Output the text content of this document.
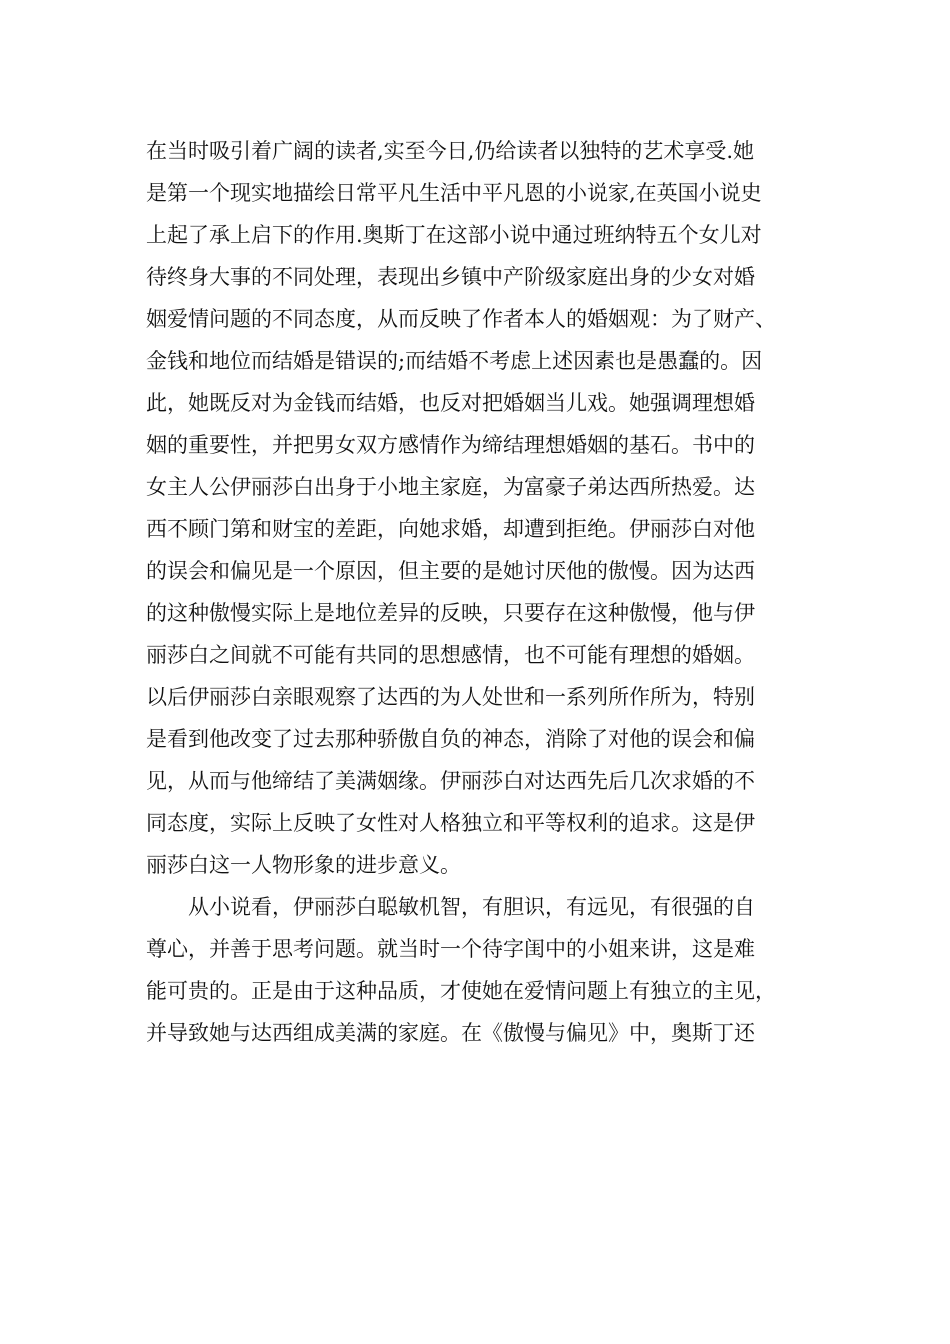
在当时吸引着广阔的读者,实至今日,仍给读者以独特的艺术享受.她
是第一个现实地描绘日常平凡生活中平凡恩的小说家,在英国小说史
上起了承上启下的作用.奥斯丁在这部小说中通过班纳特五个女儿对
待终身大事的不同处理，表现出乡镇中产阶级家庭出身的少女对婚
姻爱情问题的不同态度，从而反映了作者本人的婚姻观：为了财产、
金钱和地位而结婚是错误的;而结婚不考虑上述因素也是愚蠢的。因
此，她既反对为金钱而结婚，也反对把婚姻当儿戏。她强调理想婚
姻的重要性，并把男女双方感情作为缔结理想婚姻的基石。书中的
女主人公伊丽莎白出身于小地主家庭，为富豪子弟达西所热爱。达
西不顾门第和财宝的差距，向她求婚，却遭到拒绝。伊丽莎白对他
的误会和偏见是一个原因，但主要的是她讨厌他的傲慢。因为达西
的这种傲慢实际上是地位差异的反映，只要存在这种傲慢，他与伊
丽莎白之间就不可能有共同的思想感情，也不可能有理想的婚姻。
以后伊丽莎白亲眼观察了达西的为人处世和一系列所作所为，特别
是看到他改变了过去那种骄傲自负的神态，消除了对他的误会和偏
见，从而与他缔结了美满姻缘。伊丽莎白对达西先后几次求婚的不
同态度，实际上反映了女性对人格独立和平等权利的追求。这是伊
丽莎白这一人物形象的进步意义。
从小说看，伊丽莎白聪敏机智，有胆识，有远见，有很强的自
尊心，并善于思考问题。就当时一个待字闺中的小姐来讲，这是难
能可贵的。正是由于这种品质，才使她在爱情问题上有独立的主见，
并导致她与达西组成美满的家庭。在《傲慢与偏见》中，奥斯丁还
